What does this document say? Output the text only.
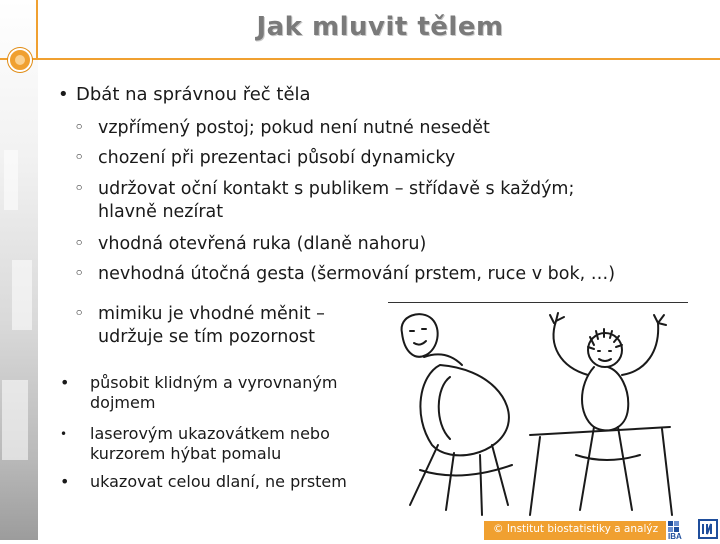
Jak mluvit tělem
• Dbát na správnou řeč těla
◦ vzpřímený postoj; pokud není nutné nesedět
◦ chození při prezentaci působí dynamicky
◦ udržovat oční kontakt s publikem – střídavě s každým;
hlavně nezírat
◦ vhodná otevřená ruka (dlaně nahoru)
◦ nevhodná útočná gesta (šermování prstem, ruce v bok, …)
◦ mimiku je vhodné měnit –
udržuje se tím pozornost
• působit klidným a vyrovnaným
dojmem
• laserovým ukazovátkem nebo
kurzorem hýbat pomalu
• ukazovat celou dlaní, ne prstem
© Institut biostatistiky a analýz
IBA
